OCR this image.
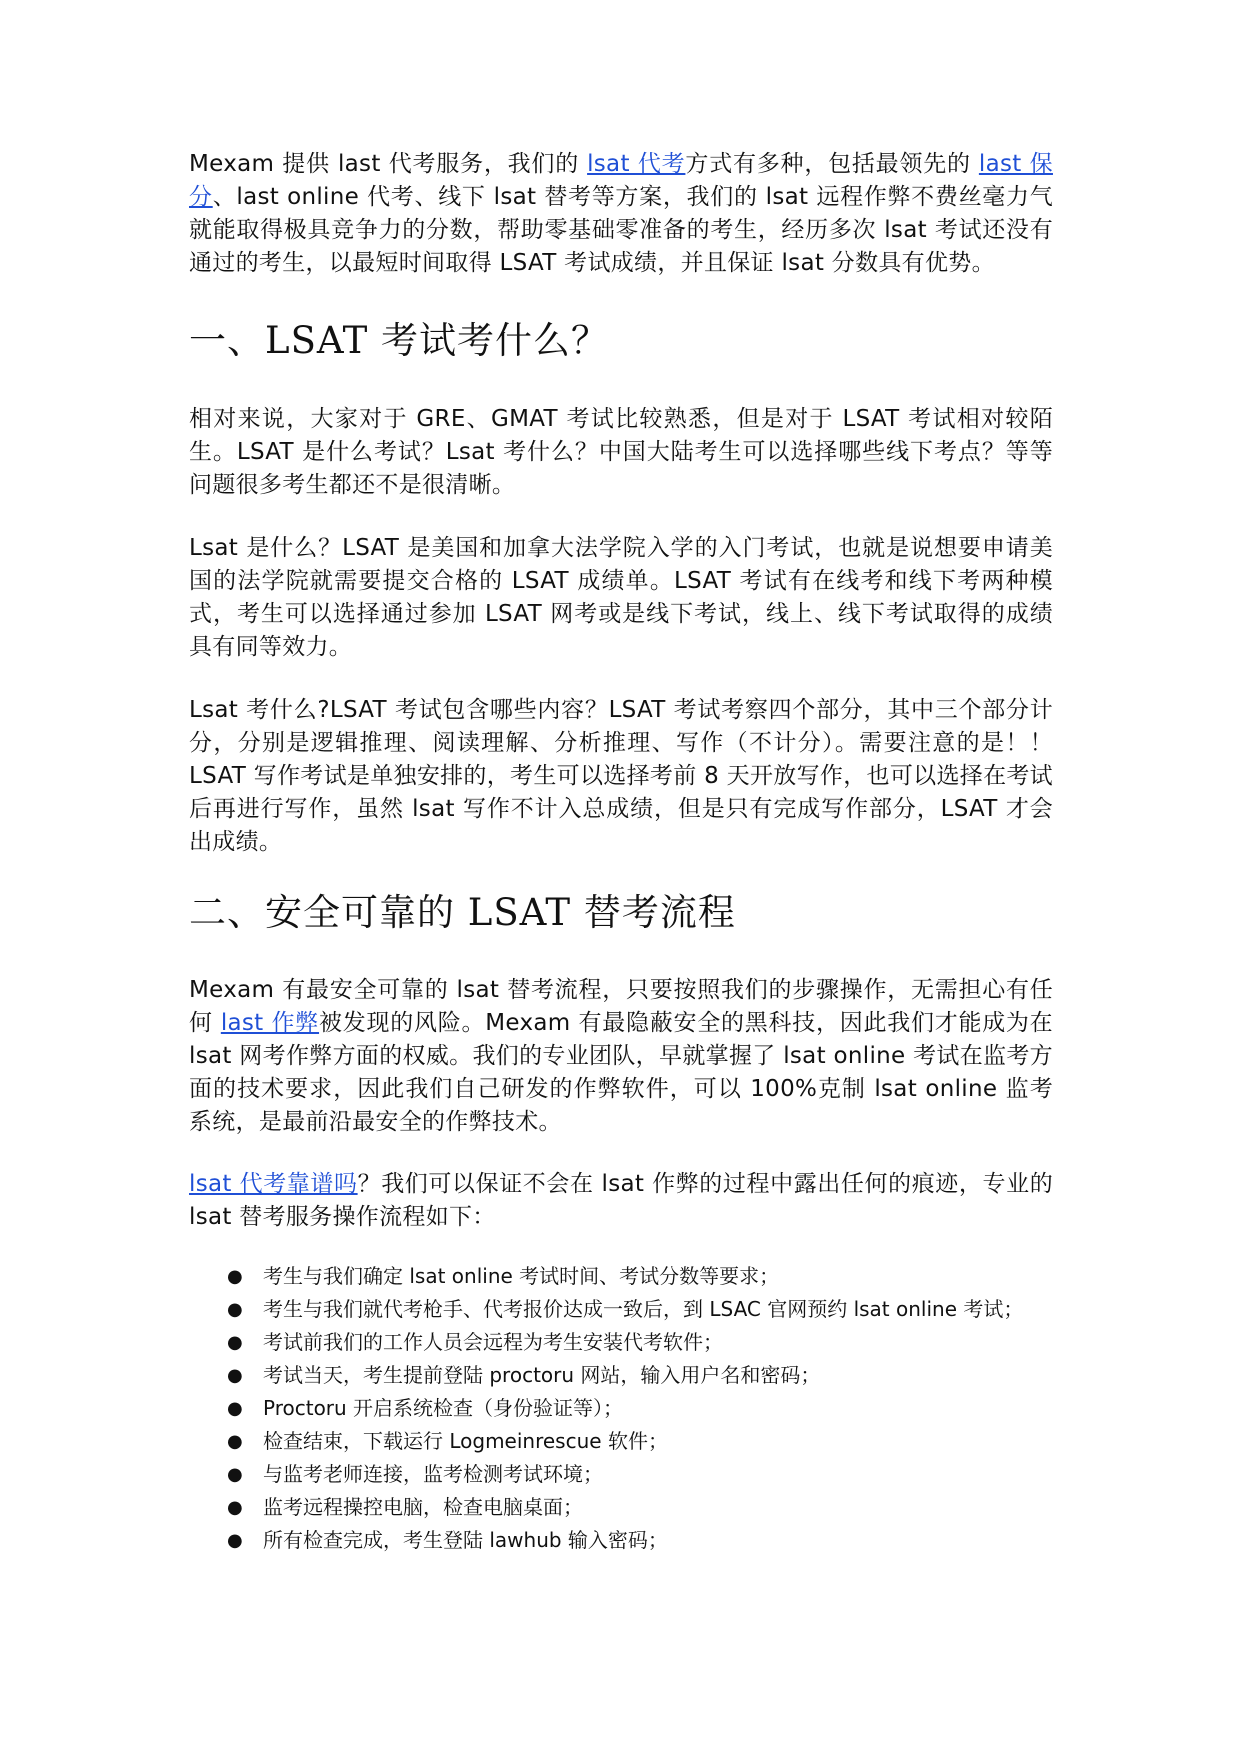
Mexam 提供 last 代考服务，我们的 lsat 代考方式有多种，包括最领先的 last 保分、last online 代考、线下 lsat 替考等方案，我们的 lsat 远程作弊不费丝毫力气就能取得极具竞争力的分数，帮助零基础零准备的考生，经历多次 lsat 考试还没有通过的考生，以最短时间取得 LSAT 考试成绩，并且保证 lsat 分数具有优势。

一、LSAT 考试考什么？

相对来说，大家对于 GRE、GMAT 考试比较熟悉，但是对于 LSAT 考试相对较陌生。LSAT 是什么考试？Lsat 考什么？中国大陆考生可以选择哪些线下考点？等等问题很多考生都还不是很清晰。

Lsat 是什么？LSAT 是美国和加拿大法学院入学的入门考试，也就是说想要申请美国的法学院就需要提交合格的 LSAT 成绩单。LSAT 考试有在线考和线下考两种模式，考生可以选择通过参加 LSAT 网考或是线下考试，线上、线下考试取得的成绩具有同等效力。

Lsat 考什么?LSAT 考试包含哪些内容？LSAT 考试考察四个部分，其中三个部分计分，分别是逻辑推理、阅读理解、分析推理、写作（不计分）。需要注意的是！！LSAT 写作考试是单独安排的，考生可以选择考前 8 天开放写作，也可以选择在考试后再进行写作，虽然 lsat 写作不计入总成绩，但是只有完成写作部分，LSAT 才会出成绩。

二、安全可靠的 LSAT 替考流程

Mexam 有最安全可靠的 lsat 替考流程，只要按照我们的步骤操作，无需担心有任何 last 作弊被发现的风险。Mexam 有最隐蔽安全的黑科技，因此我们才能成为在 lsat 网考作弊方面的权威。我们的专业团队，早就掌握了 lsat online 考试在监考方面的技术要求，因此我们自己研发的作弊软件，可以 100%克制 lsat online 监考系统，是最前沿最安全的作弊技术。

lsat 代考靠谱吗？我们可以保证不会在 lsat 作弊的过程中露出任何的痕迹，专业的 lsat 替考服务操作流程如下：

● 考生与我们确定 lsat online 考试时间、考试分数等要求；
● 考生与我们就代考枪手、代考报价达成一致后，到 LSAC 官网预约 lsat online 考试；
● 考试前我们的工作人员会远程为考生安装代考软件；
● 考试当天，考生提前登陆 proctoru 网站，输入用户名和密码；
● Proctoru 开启系统检查（身份验证等）；
● 检查结束，下载运行 Logmeinrescue 软件；
● 与监考老师连接，监考检测考试环境；
● 监考远程操控电脑，检查电脑桌面；
● 所有检查完成，考生登陆 lawhub 输入密码；
